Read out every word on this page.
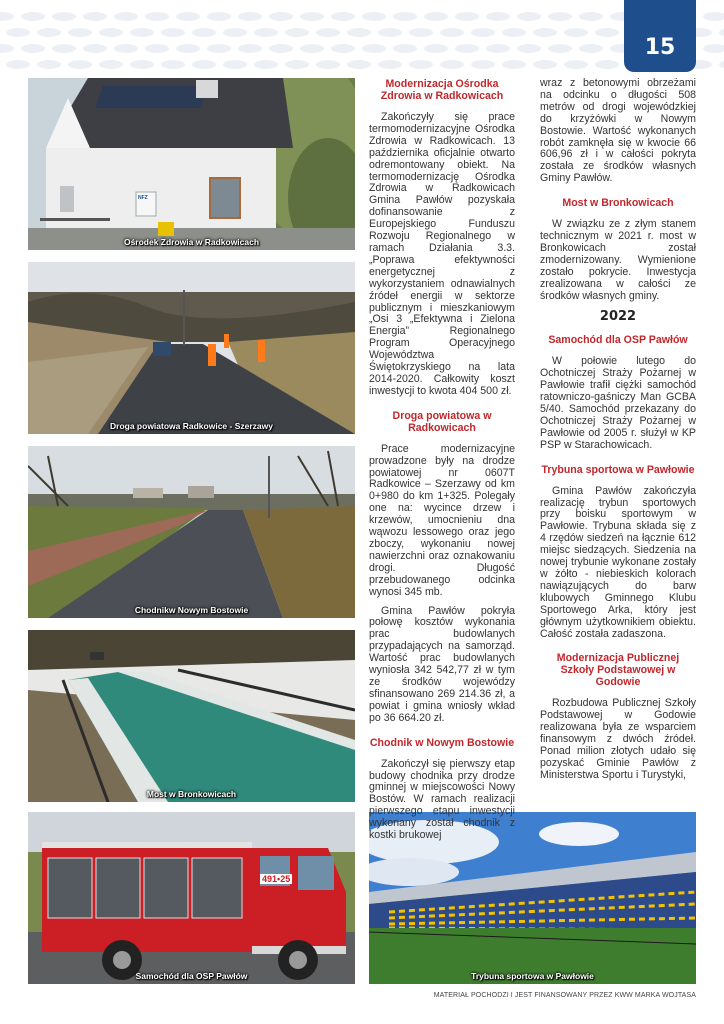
15
NFZ
Ośrodek Zdrowia w Radkowicach
Droga powiatowa Radkowice - Szerzawy
Chodnikw Nowym Bostowie
Most w Bronkowicach
491▪25
Samochód dla OSP Pawłów	Trybuna sportowa w Pawłowie
Modernizacja Ośrodka Zdrowia w Radkowicach

Zakończyły się prace termomodernizacyjne Ośrodka Zdrowia w Radkowicach. 13 października oficjalnie otwarto odremontowany obiekt. Na termomodernizację Ośrodka Zdrowia w Radkowicach Gmina Pawłów pozyskała dofinansowanie z Europejskiego Funduszu Rozwoju Regionalnego w ramach Działania 3.3. „Poprawa efektywności energetycznej z wykorzystaniem odnawialnych źródeł energii w sektorze publicznym i mieszkaniowym „Osi 3 „Efektywna i Zielona Energia” Regionalnego Program Operacyjnego Województwa Świętokrzyskiego na lata 2014-2020. Całkowity koszt inwestycji to kwota 404 500 zł.

Droga powiatowa w Radkowicach

Prace modernizacyjne prowadzone były na drodze powiatowej nr 0607T Radkowice – Szerzawy od km 0+980 do km 1+325. Polegały one na: wycince drzew i krzewów, umocnieniu dna wąwozu lessowego oraz jego zboczy, wykonaniu nowej nawierzchni oraz oznakowaniu drogi. Długość przebudowanego odcinka wynosi 345 mb.

Gmina Pawłów pokryła połowę kosztów wykonania prac budowlanych przypadających na samorząd. Wartość prac budowlanych wyniosła 342 542,77 zł w tym ze środków wojewódzy sfinansowano 269 214.36 zł, a powiat i gmina wniosły wkład po 36 664.20 zł.

Chodnik w Nowym Bostowie

Zakończył się pierwszy etap budowy chodnika przy drodze gminnej w miejscowości Nowy Bostów. W ramach realizacji pierwszego etapu inwestycji wykonany został chodnik z kostki brukowej

wraz z betonowymi obrzeżami na odcinku o długości 508 metrów od drogi wojewódzkiej do krzyżówki w Nowym Bostowie. Wartość wykonanych robót zamknęła się w kwocie 66 606,96 zł i w całości pokryta została ze środków własnych Gminy Pawłów.

Most w Bronkowicach

W związku ze z złym stanem technicznym w 2021 r. most w Bronkowicach został zmodernizowany. Wymienione zostało pokrycie. Inwestycja zrealizowana w całości ze środków własnych gminy.

2022
Samochód dla OSP Pawłów

W połowie lutego do Ochotniczej Straży Pożarnej w Pawłowie trafił ciężki samochód ratowniczo-gaśniczy Man GCBA 5/40. Samochód przekazany do Ochotniczej Straży Pożarnej w Pawłowie od 2005 r. służył w KP PSP w Starachowicach.

Trybuna sportowa w Pawłowie

Gmina Pawłów zakończyła realizację trybun sportowych przy boisku sportowym w Pawłowie. Trybuna składa się z 4 rzędów siedzeń na łącznie 612 miejsc siedzących. Siedzenia na nowej trybunie wykonane zostały w żółto - niebieskich kolorach nawiązujących do barw klubowych Gminnego Klubu Sportowego Arka, który jest głównym użytkownikiem obiektu. Całość została zadaszona.

Modernizacja Publicznej Szkoły Podstawowej w Godowie

Rozbudowa Publicznej Szkoły Podstawowej w Godowie realizowana była ze wsparciem finansowym z dwóch źródeł. Ponad milion złotych udało się pozyskać Gminie Pawłów z Ministerstwa Sportu i Turystyki,

MATERIAŁ POCHODZI I JEST FINANSOWANY PRZEZ KWW MARKA WOJTASA
